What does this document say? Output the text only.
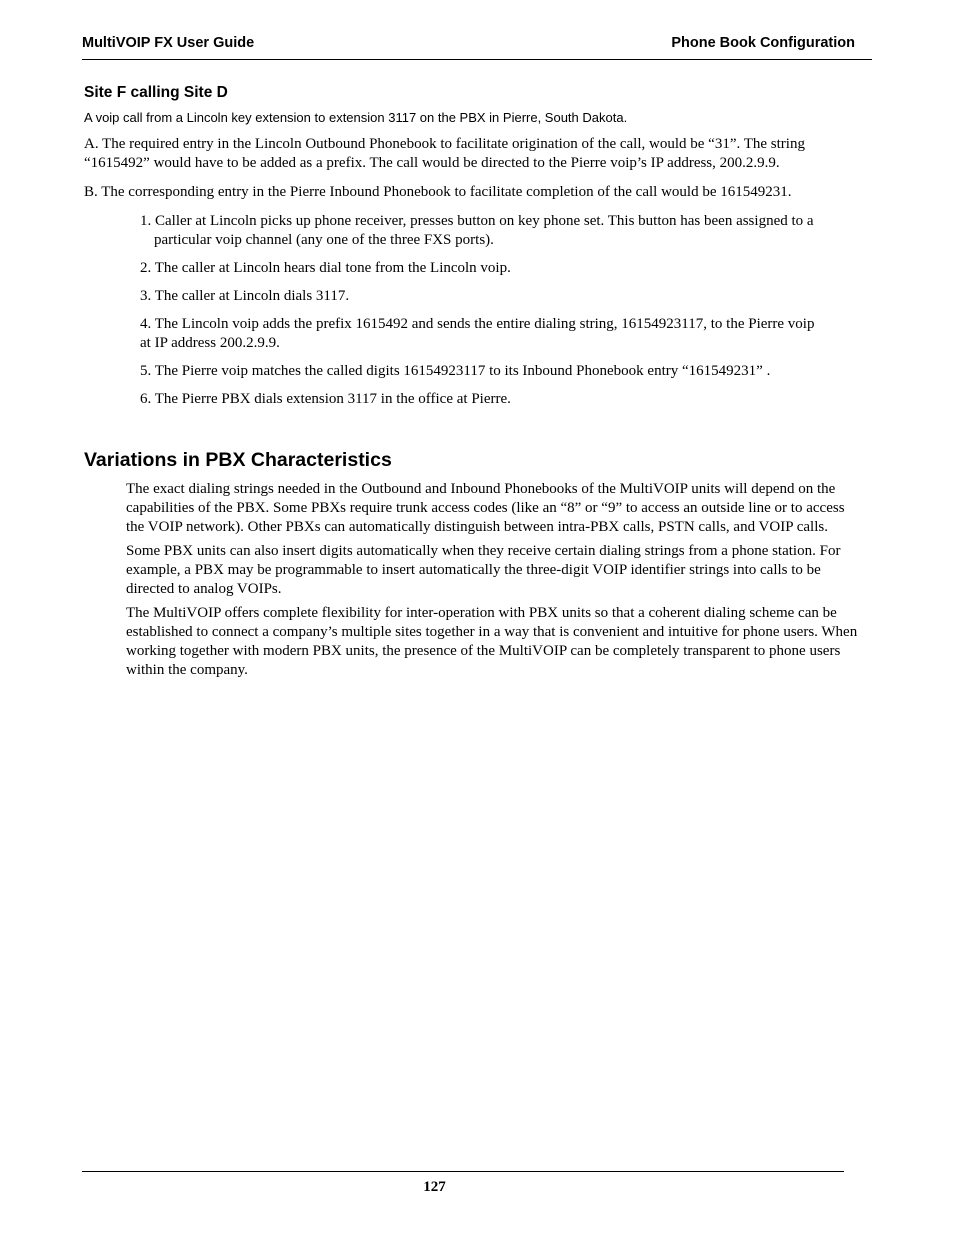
MultiVOIP FX User Guide	Phone Book Configuration
Site F calling Site D
A voip call from a Lincoln key extension to extension 3117 on the PBX in Pierre, South Dakota.

A. The required entry in the Lincoln Outbound Phonebook to facilitate origination of the call, would be “31”. The string “1615492” would have to be added as a prefix. The call would be directed to the Pierre voip’s IP address, 200.2.9.9.

B. The corresponding entry in the Pierre Inbound Phonebook to facilitate completion of the call would be 161549231.

1. Caller at Lincoln picks up phone receiver, presses button on key phone set. This button has been assigned to a particular voip channel (any one of the three FXS ports).
2. The caller at Lincoln hears dial tone from the Lincoln voip.
3. The caller at Lincoln dials 3117.
4. The Lincoln voip adds the prefix 1615492 and sends the entire dialing string, 16154923117, to the Pierre voip
at IP address 200.2.9.9.
5. The Pierre voip matches the called digits 16154923117 to its Inbound Phonebook entry “161549231” .
6. The Pierre PBX dials extension 3117 in the office at Pierre.
Variations in PBX Characteristics

The exact dialing strings needed in the Outbound and Inbound Phonebooks of the MultiVOIP units will depend on the capabilities of the PBX. Some PBXs require trunk access codes (like an “8” or “9” to access an outside line or to access the VOIP network). Other PBXs can automatically distinguish between intra-PBX calls, PSTN calls, and VOIP calls.

Some PBX units can also insert digits automatically when they receive certain dialing strings from a phone station. For example, a PBX may be programmable to insert automatically the three-digit VOIP identifier strings into calls to be directed to analog VOIPs.

The MultiVOIP offers complete flexibility for inter-operation with PBX units so that a coherent dialing scheme can be established to connect a company’s multiple sites together in a way that is convenient and intuitive for phone users. When working together with modern PBX units, the presence of the MultiVOIP can be completely transparent to phone users within the company.

127
